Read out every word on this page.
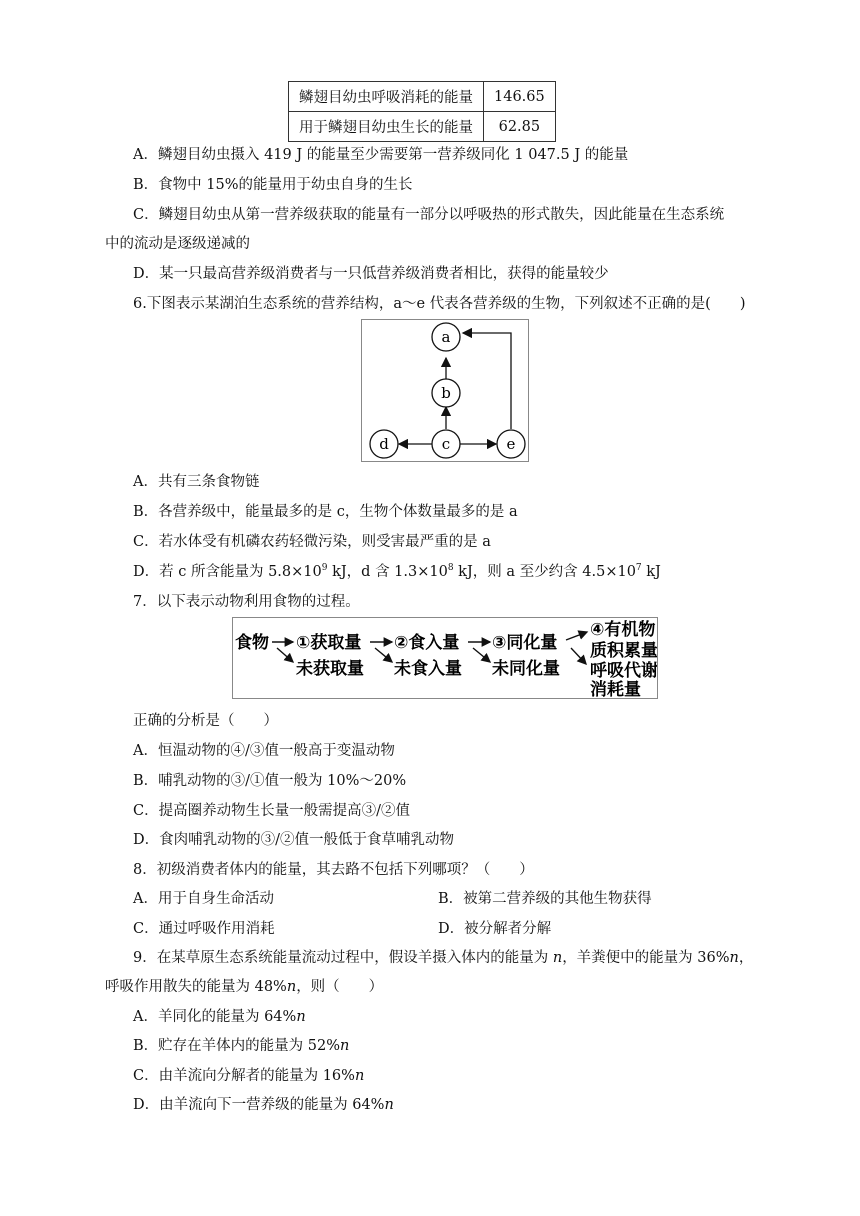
鳞翅目幼虫呼吸消耗的能量	146.65
用于鳞翅目幼虫生长的能量	62.85
A．鳞翅目幼虫摄入 419 J 的能量至少需要第一营养级同化 1 047.5 J 的能量
B．食物中 15%的能量用于幼虫自身的生长
C．鳞翅目幼虫从第一营养级获取的能量有一部分以呼吸热的形式散失，因此能量在生态系统
中的流动是逐级递减的
D．某一只最高营养级消费者与一只低营养级消费者相比，获得的能量较少
6.下图表示某湖泊生态系统的营养结构，a～e 代表各营养级的生物，下列叙述不正确的是(　　)
a
b
c
d	e
A．共有三条食物链
B．各营养级中，能量最多的是 c，生物个体数量最多的是 a
C．若水体受有机磷农药轻微污染，则受害最严重的是 a
D．若 c 所含能量为 $5.8\times 10^9$ kJ，d 含 $1.3\times 10^8$ kJ，则 a 至少约含 $4.5\times 10^7$ kJ
7．以下表示动物利用食物的过程。
食物 ①获取量
未获取量
②食入量
未食入量
③同化量
未同化量
④有机物
质积累量
呼吸代谢
消耗量
正确的分析是（　　）
A．恒温动物的④/③值一般高于变温动物
B．哺乳动物的③/①值一般为 10%～20%
C．提高圈养动物生长量一般需提高③/②值
D．食肉哺乳动物的③/②值一般低于食草哺乳动物
8．初级消费者体内的能量，其去路不包括下列哪项？（　　）
A．用于自身生命活动	B．被第二营养级的其他生物获得
C．通过呼吸作用消耗	D．被分解者分解
9．在某草原生态系统能量流动过程中，假设羊摄入体内的能量为 n，羊粪便中的能量为 36%n，
呼吸作用散失的能量为 48%n，则（　　）
A．羊同化的能量为 64%n
B．贮存在羊体内的能量为 52%n
C．由羊流向分解者的能量为 16%n
D．由羊流向下一营养级的能量为 64%n
